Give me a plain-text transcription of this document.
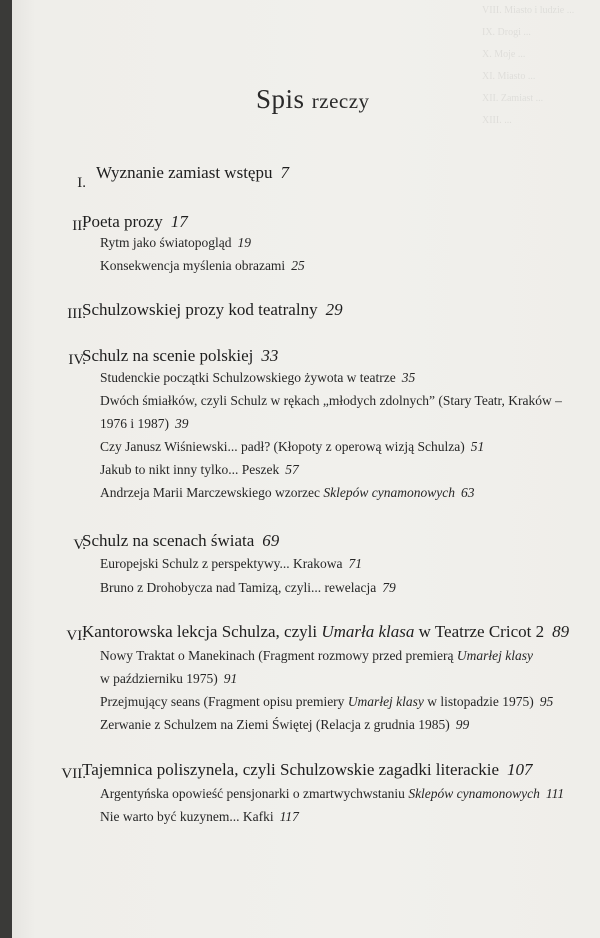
VIII. Miasto i ludzie ...
IX. Drogi ...
X. Moje ...
XI. Miasto ...
XII. Zamiast ...
XIII. ...
Spis rzeczy
I.
Wyznanie zamiast wstępu 7
II.
Poeta prozy 17
Rytm jako światopogląd 19
Konsekwencja myślenia obrazami 25
III.
Schulzowskiej prozy kod teatralny 29
IV.
Schulz na scenie polskiej 33
Studenckie początki Schulzowskiego żywota w teatrze 35
Dwóch śmiałków, czyli Schulz w rękach „młodych zdolnych” (Stary Teatr, Kraków –
1976 i 1987) 39
Czy Janusz Wiśniewski... padł? (Kłopoty z operową wizją Schulza) 51
Jakub to nikt inny tylko... Peszek 57
Andrzeja Marii Marczewskiego wzorzec Sklepów cynamonowych 63
V.
Schulz na scenach świata 69
Europejski Schulz z perspektywy... Krakowa 71
Bruno z Drohobycza nad Tamizą, czyli... rewelacja 79
VI.
Kantorowska lekcja Schulza, czyli Umarła klasa w Teatrze Cricot 2 89
Nowy Traktat o Manekinach (Fragment rozmowy przed premierą Umarłej klasy
w październiku 1975) 91
Przejmujący seans (Fragment opisu premiery Umarłej klasy w listopadzie 1975) 95
Zerwanie z Schulzem na Ziemi Świętej (Relacja z grudnia 1985) 99
VII.
Tajemnica poliszynela, czyli Schulzowskie zagadki literackie 107
Argentyńska opowieść pensjonarki o zmartwychwstaniu Sklepów cynamonowych 111
Nie warto być kuzynem... Kafki 117
